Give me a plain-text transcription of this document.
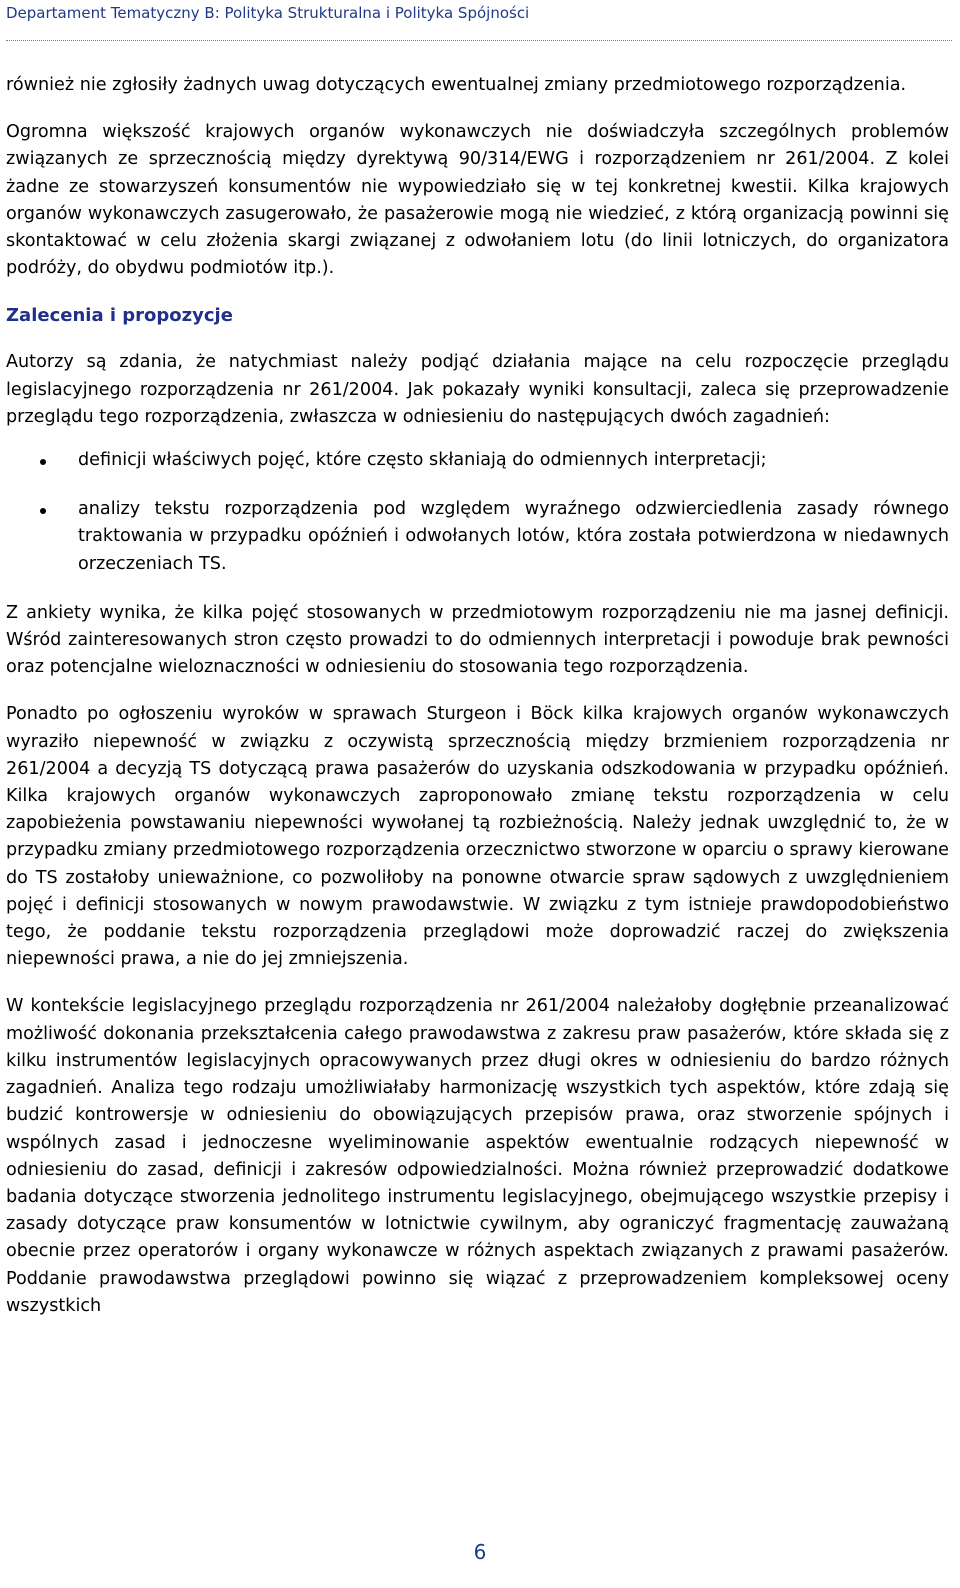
Departament Tematyczny B: Polityka Strukturalna i Polityka Spójności

również nie zgłosiły żadnych uwag dotyczących ewentualnej zmiany przedmiotowego rozporządzenia.

Ogromna większość krajowych organów wykonawczych nie doświadczyła szczególnych problemów związanych ze sprzecznością między dyrektywą 90/314/EWG i rozporządzeniem nr 261/2004. Z kolei żadne ze stowarzyszeń konsumentów nie wypowiedziało się w tej konkretnej kwestii. Kilka krajowych organów wykonawczych zasugerowało, że pasażerowie mogą nie wiedzieć, z którą organizacją powinni się skontaktować w celu złożenia skargi związanej z odwołaniem lotu (do linii lotniczych, do organizatora podróży, do obydwu podmiotów itp.).

Zalecenia i propozycje

Autorzy są zdania, że natychmiast należy podjąć działania mające na celu rozpoczęcie przeglądu legislacyjnego rozporządzenia nr 261/2004. Jak pokazały wyniki konsultacji, zaleca się przeprowadzenie przeglądu tego rozporządzenia, zwłaszcza w odniesieniu do następujących dwóch zagadnień:

definicji właściwych pojęć, które często skłaniają do odmiennych interpretacji;
analizy tekstu rozporządzenia pod względem wyraźnego odzwierciedlenia zasady równego traktowania w przypadku opóźnień i odwołanych lotów, która została potwierdzona w niedawnych orzeczeniach TS.

Z ankiety wynika, że kilka pojęć stosowanych w przedmiotowym rozporządzeniu nie ma jasnej definicji. Wśród zainteresowanych stron często prowadzi to do odmiennych interpretacji i powoduje brak pewności oraz potencjalne wieloznaczności w odniesieniu do stosowania tego rozporządzenia.

Ponadto po ogłoszeniu wyroków w sprawach Sturgeon i Böck kilka krajowych organów wykonawczych wyraziło niepewność w związku z oczywistą sprzecznością między brzmieniem rozporządzenia nr 261/2004 a decyzją TS dotyczącą prawa pasażerów do uzyskania odszkodowania w przypadku opóźnień. Kilka krajowych organów wykonawczych zaproponowało zmianę tekstu rozporządzenia w celu zapobieżenia powstawaniu niepewności wywołanej tą rozbieżnością. Należy jednak uwzględnić to, że w przypadku zmiany przedmiotowego rozporządzenia orzecznictwo stworzone w oparciu o sprawy kierowane do TS zostałoby unieważnione, co pozwoliłoby na ponowne otwarcie spraw sądowych z uwzględnieniem pojęć i definicji stosowanych w nowym prawodawstwie. W związku z tym istnieje prawdopodobieństwo tego, że poddanie tekstu rozporządzenia przeglądowi może doprowadzić raczej do zwiększenia niepewności prawa, a nie do jej zmniejszenia.

W kontekście legislacyjnego przeglądu rozporządzenia nr 261/2004 należałoby dogłębnie przeanalizować możliwość dokonania przekształcenia całego prawodawstwa z zakresu praw pasażerów, które składa się z kilku instrumentów legislacyjnych opracowywanych przez długi okres w odniesieniu do bardzo różnych zagadnień. Analiza tego rodzaju umożliwiałaby harmonizację wszystkich tych aspektów, które zdają się budzić kontrowersje w odniesieniu do obowiązujących przepisów prawa, oraz stworzenie spójnych i wspólnych zasad i jednoczesne wyeliminowanie aspektów ewentualnie rodzących niepewność w odniesieniu do zasad, definicji i zakresów odpowiedzialności. Można również przeprowadzić dodatkowe badania dotyczące stworzenia jednolitego instrumentu legislacyjnego, obejmującego wszystkie przepisy i zasady dotyczące praw konsumentów w lotnictwie cywilnym, aby ograniczyć fragmentację zauważaną obecnie przez operatorów i organy wykonawcze w różnych aspektach związanych z prawami pasażerów. Poddanie prawodawstwa przeglądowi powinno się wiązać z przeprowadzeniem kompleksowej oceny wszystkich

6
